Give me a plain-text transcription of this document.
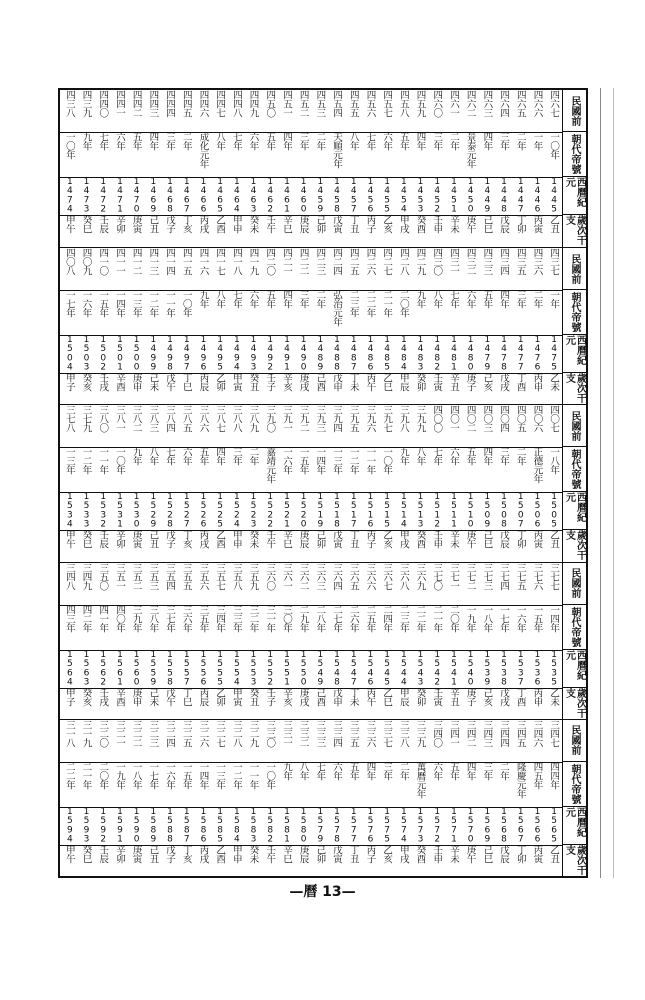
民國前
朝代帝號
西曆紀元
歲次干支
四六七
一〇年
1445
乙丑
四六六
一年
1446
丙寅
四六五
二年
1447
丁卯
四六四
三年
1448
戊辰
四六三
四年
1449
己巳
四六二
景泰元年
1450
庚午
四六一
二年
1451
辛未
四六〇
三年
1452
壬申
四五九
四年
1453
癸酉
四五八
五年
1454
甲戌
四五七
六年
1455
乙亥
四五六
七年
1456
丙子
四五五
八年
1457
丁丑
四五四
天順元年
1458
戊寅
四五三
二年
1459
己卯
四五二
三年
1460
庚辰
四五一
四年
1461
辛巳
四五〇
五年
1462
壬午
四四九
六年
1463
癸未
四四八
七年
1464
甲申
四四七
八年
1465
乙酉
四四六
成化元年
1466
丙戌
四四五
二年
1467
丁亥
四四四
三年
1468
戊子
四四三
四年
1469
己丑
四四二
五年
1470
庚寅
四四一
六年
1471
辛卯
四四〇
七年
1472
壬辰
四三九
九年
1473
癸巳
四三八
一〇年
1474
甲午
民國前
朝代帝號
西曆紀元
歲次干支
四三七
一年
1475
乙未
四三六
二年
1476
丙申
四三五
三年
1477
丁酉
四三四
四年
1478
戊戌
四三三
五年
1479
己亥
四三二
六年
1480
庚子
四三一
七年
1481
辛丑
四三〇
八年
1482
壬寅
四二九
九年
1483
癸卯
四二八
二〇年
1484
甲辰
四二七
二一年
1485
乙巳
四二六
二二年
1486
丙午
四二五
二三年
1487
丁未
四二四
弘治元年
1488
戊申
四二三
二年
1489
己酉
四二二
三年
1490
庚戌
四二一
四年
1491
辛亥
四二〇
五年
1492
壬子
四一九
六年
1493
癸丑
四一八
七年
1494
甲寅
四一七
八年
1495
乙卯
四一六
九年
1496
丙辰
四一五
一〇年
1497
丁巳
四一四
一一年
1498
戊午
四一三
一二年
1499
己未
四一二
一三年
1500
庚申
四一一
一四年
1501
辛酉
四一〇
一五年
1502
壬戌
四〇九
一六年
1503
癸亥
四〇八
一七年
1504
甲子
民國前
朝代帝號
西曆紀元
歲次干支
四〇七
一八年
1505
乙丑
四〇六
正德元年
1506
丙寅
四〇五
二年
1507
丁卯
四〇四
三年
1508
戊辰
四〇三
四年
1509
己巳
四〇二
五年
1510
庚午
四〇一
六年
1511
辛未
四〇〇
七年
1512
壬申
三九九
八年
1513
癸酉
三九八
九年
1514
甲戌
三九七
一〇年
1515
乙亥
三九六
一一年
1516
丙子
三九五
一二年
1517
丁丑
三九四
一三年
1518
戊寅
三九三
一四年
1519
己卯
三九二
一五年
1520
庚辰
三九一
一六年
1521
辛巳
三九〇
嘉靖元年
1522
壬午
三八九
二年
1523
癸未
三八八
三年
1524
甲申
三八七
四年
1525
乙酉
三八六
五年
1526
丙戌
三八五
六年
1527
丁亥
三八四
七年
1528
戊子
三八三
八年
1529
己丑
三八二
九年
1530
庚寅
三八一
一〇年
1531
辛卯
三八〇
一一年
1532
壬辰
三七九
一二年
1533
癸巳
三七八
一三年
1534
甲午
民國前
朝代帝號
西曆紀元
歲次干支
三七七
一四年
1535
乙未
三七六
一五年
1536
丙申
三七五
一六年
1537
丁酉
三七四
一七年
1538
戊戌
三七三
一八年
1539
己亥
三七二
一九年
1540
庚子
三七一
二〇年
1541
辛丑
三七〇
二一年
1542
壬寅
三六九
二二年
1543
癸卯
三六八
二三年
1544
甲辰
三六七
二四年
1545
乙巳
三六六
二五年
1546
丙午
三六五
二六年
1547
丁未
三六四
二七年
1548
戊申
三六三
二八年
1549
己酉
三六二
二九年
1550
庚戌
三六一
三〇年
1551
辛亥
三六〇
三一年
1552
壬子
三五九
三二年
1553
癸丑
三五八
三三年
1554
甲寅
三五七
三四年
1555
乙卯
三五六
三五年
1556
丙辰
三五五
三六年
1557
丁巳
三五四
三七年
1558
戊午
三五三
三八年
1559
己未
三五二
三九年
1560
庚申
三五一
四〇年
1561
辛酉
三五〇
四一年
1562
壬戌
三四九
四二年
1563
癸亥
三四八
四三年
1564
甲子
民國前
朝代帝號
西曆紀元
歲次干支
三四七
四四年
1565
乙丑
三四六
四五年
1566
丙寅
三四五
隆慶元年
1567
丁卯
三四四
二年
1568
戊辰
三四三
三年
1569
己巳
三四二
四年
1570
庚午
三四一
五年
1571
辛未
三四〇
六年
1572
壬申
三三九
萬曆元年
1573
癸酉
三三八
二年
1574
甲戌
三三七
三年
1575
乙亥
三三六
四年
1576
丙子
三三五
五年
1577
丁丑
三三四
六年
1578
戊寅
三三三
七年
1579
己卯
三三二
八年
1580
庚辰
三三一
九年
1581
辛巳
三三〇
一〇年
1582
壬午
三二九
一一年
1583
癸未
三二八
一二年
1584
甲申
三二七
一三年
1585
乙酉
三二六
一四年
1586
丙戌
三二五
一五年
1587
丁亥
三二四
一六年
1588
戊子
三二三
一七年
1589
己丑
三二二
一八年
1590
庚寅
三二一
一九年
1591
辛卯
三二〇
二〇年
1592
壬辰
三一九
二一年
1593
癸巳
三一八
二二年
1594
甲午
—曆 13—
